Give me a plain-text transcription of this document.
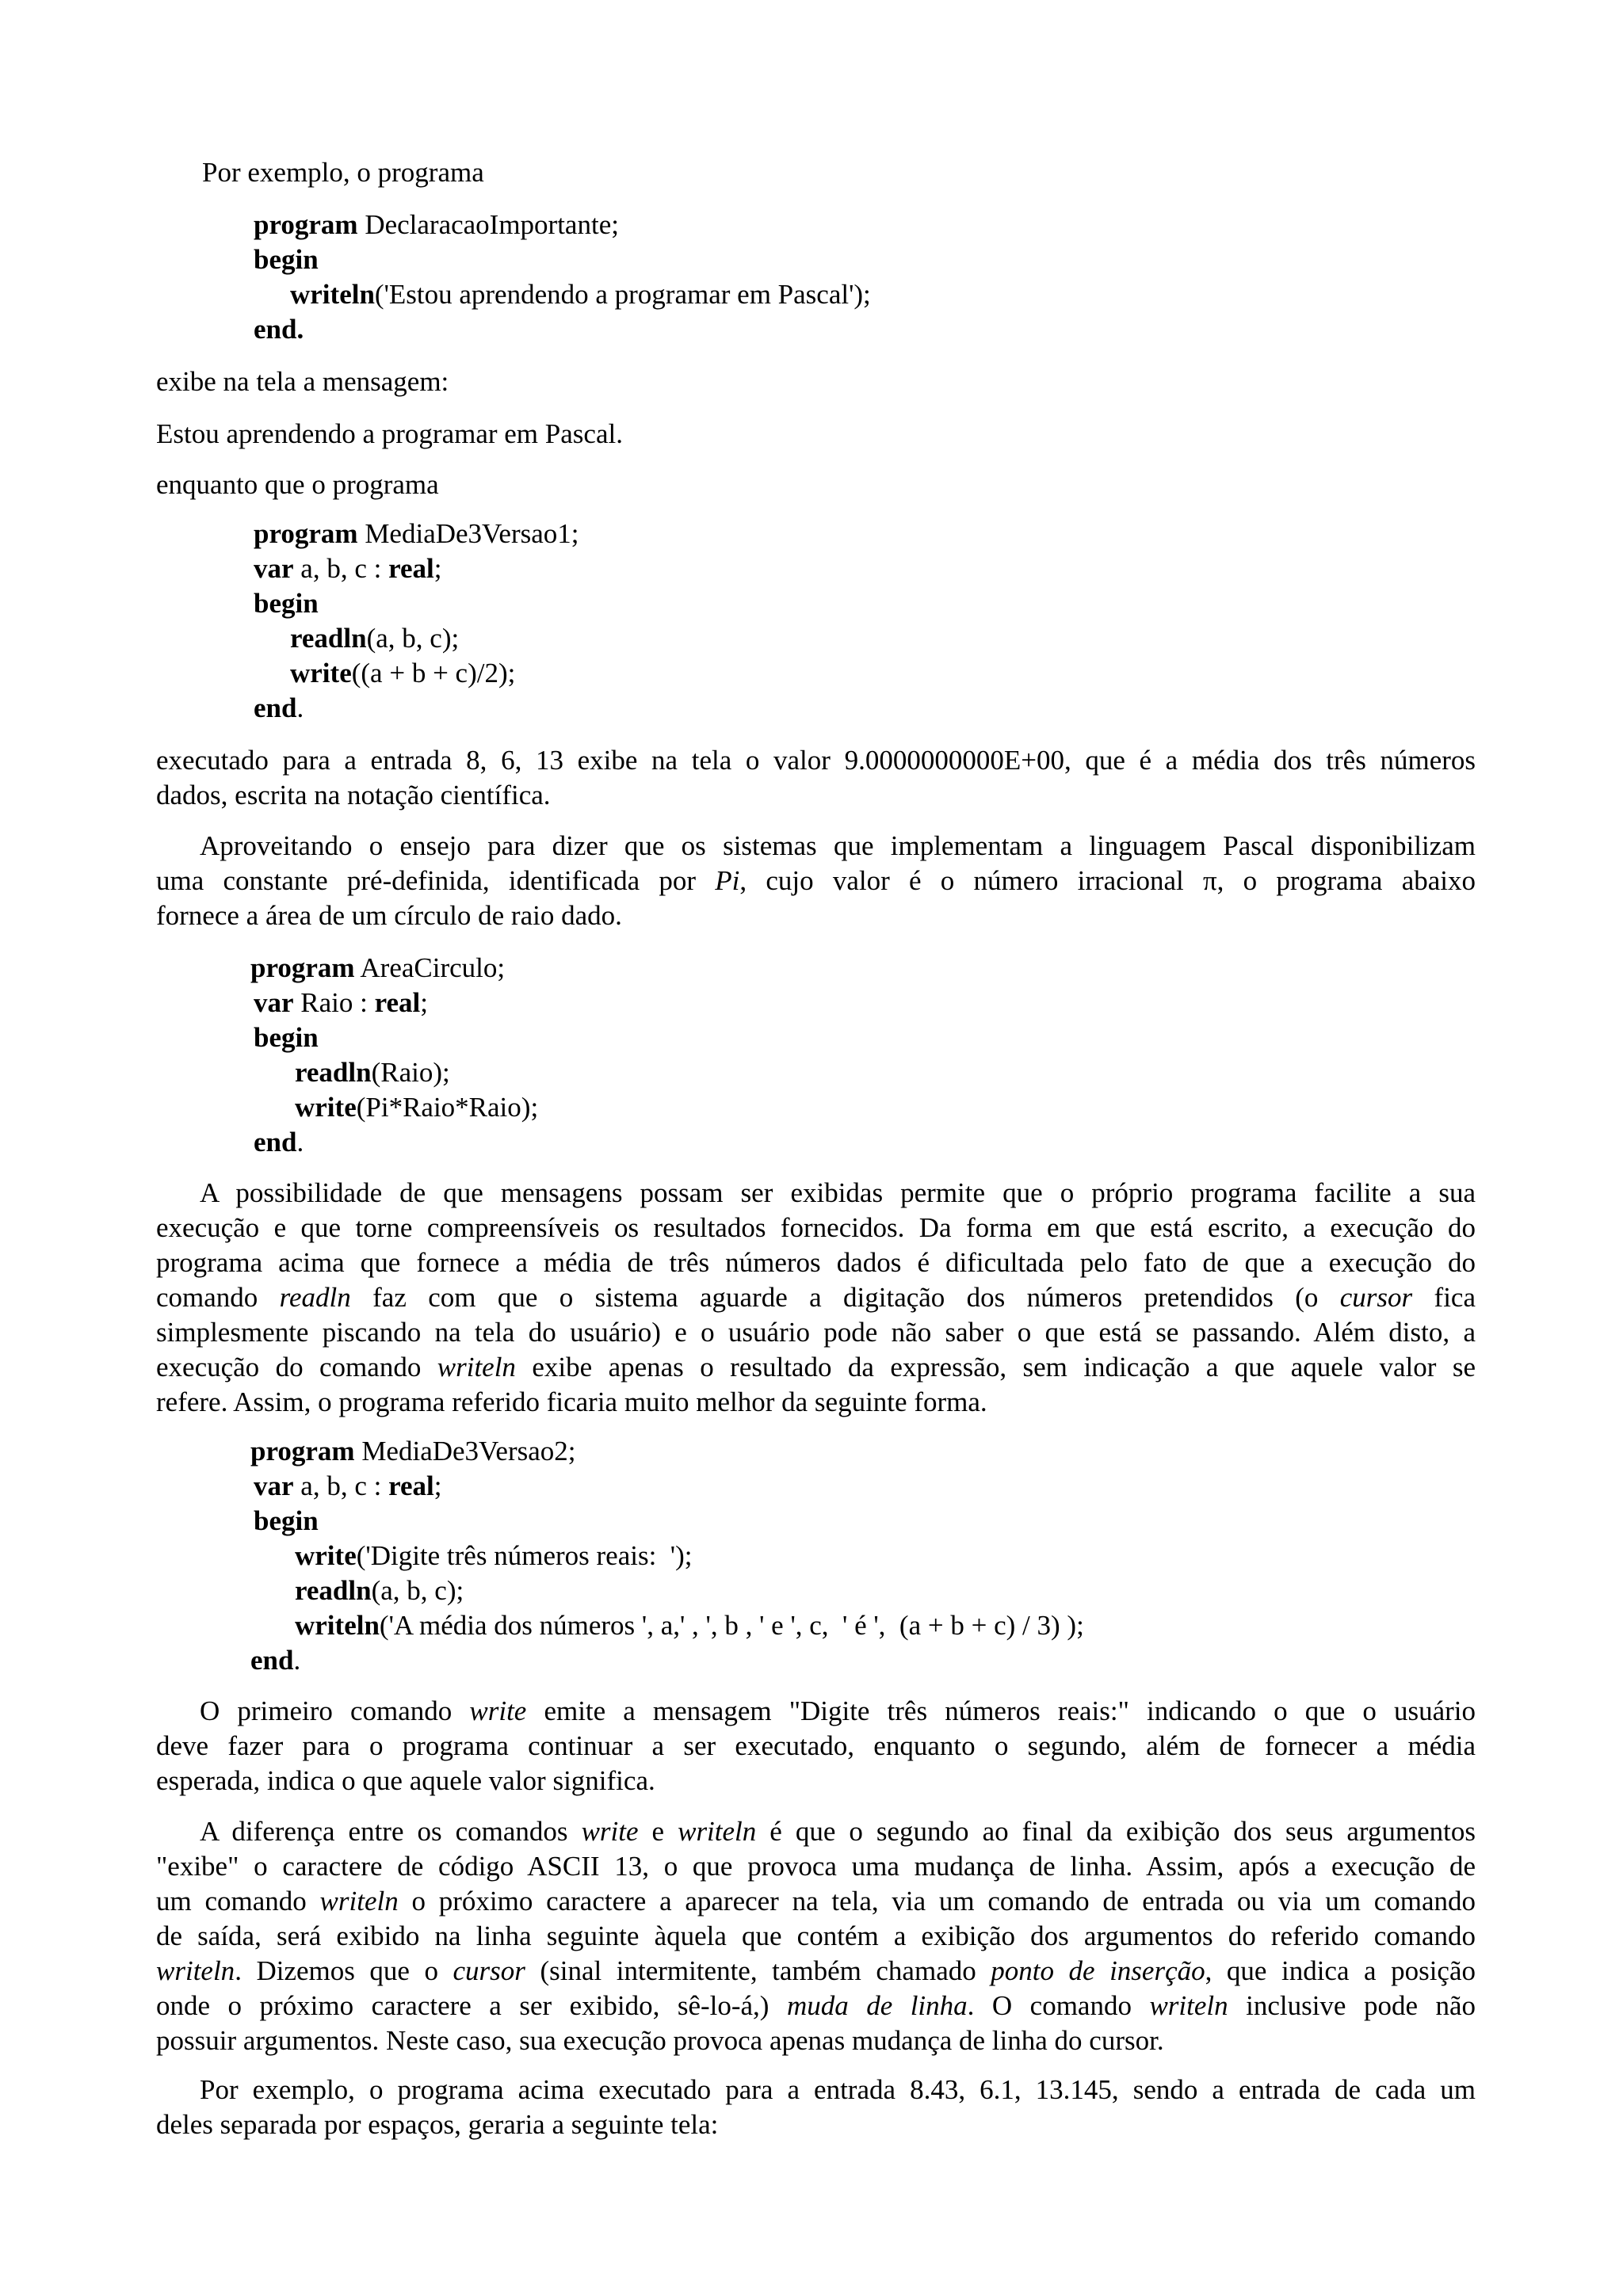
Por exemplo, o programa

program DeclaracaoImportante;
begin
writeln('Estou aprendendo a programar em Pascal');
end.

exibe na tela a mensagem:

Estou aprendendo a programar em Pascal.

enquanto que o programa

program MediaDe3Versao1;
var a, b, c : real;
begin
readln(a, b, c);
write((a + b + c)/2);
end.

executado para a entrada 8, 6, 13 exibe na tela o valor 9.0000000000E+00, que é a média dos três números
dados, escrita na notação científica.

Aproveitando o ensejo para dizer que os sistemas que implementam a linguagem Pascal disponibilizam
uma constante pré-definida, identificada por Pi, cujo valor é o número irracional π, o programa abaixo
fornece a área de um círculo de raio dado.

program AreaCirculo;
var Raio : real;
begin
readln(Raio);
write(Pi*Raio*Raio);
end.

A possibilidade de que mensagens possam ser exibidas permite que o próprio programa facilite a sua
execução e que torne compreensíveis os resultados fornecidos. Da forma em que está escrito, a execução do
programa acima que fornece a média de três números dados é dificultada pelo fato de que a execução do
comando readln faz com que o sistema aguarde a digitação dos números pretendidos (o cursor fica
simplesmente piscando na tela do usuário) e o usuário pode não saber o que está se passando. Além disto, a
execução do comando writeln exibe apenas o resultado da expressão, sem indicação a que aquele valor se
refere. Assim, o programa referido ficaria muito melhor da seguinte forma.

program MediaDe3Versao2;
var a, b, c : real;
begin
write('Digite três números reais:  ');
readln(a, b, c);
writeln('A média dos números ', a,' , ', b , ' e ', c,  ' é ',  (a + b + c) / 3) );
end.

O primeiro comando write emite a mensagem "Digite três números reais:" indicando o que o usuário
deve fazer para o programa continuar a ser executado, enquanto o segundo, além de fornecer a média
esperada, indica o que aquele valor significa.

A diferença entre os comandos write e writeln é que o segundo ao final da exibição dos seus argumentos
"exibe" o caractere de código ASCII 13, o que provoca uma mudança de linha. Assim, após a execução de
um comando writeln o próximo caractere a aparecer na tela, via um comando de entrada ou via um comando
de saída, será exibido na linha seguinte àquela que contém a exibição dos argumentos do referido comando
writeln. Dizemos que o cursor (sinal intermitente, também chamado ponto de inserção, que indica a posição
onde o próximo caractere a ser exibido, sê-lo-á,) muda de linha. O comando writeln inclusive pode não
possuir argumentos. Neste caso, sua execução provoca apenas mudança de linha do cursor.

Por exemplo, o programa acima executado para a entrada 8.43, 6.1, 13.145, sendo a entrada de cada um
deles separada por espaços, geraria a seguinte tela:
